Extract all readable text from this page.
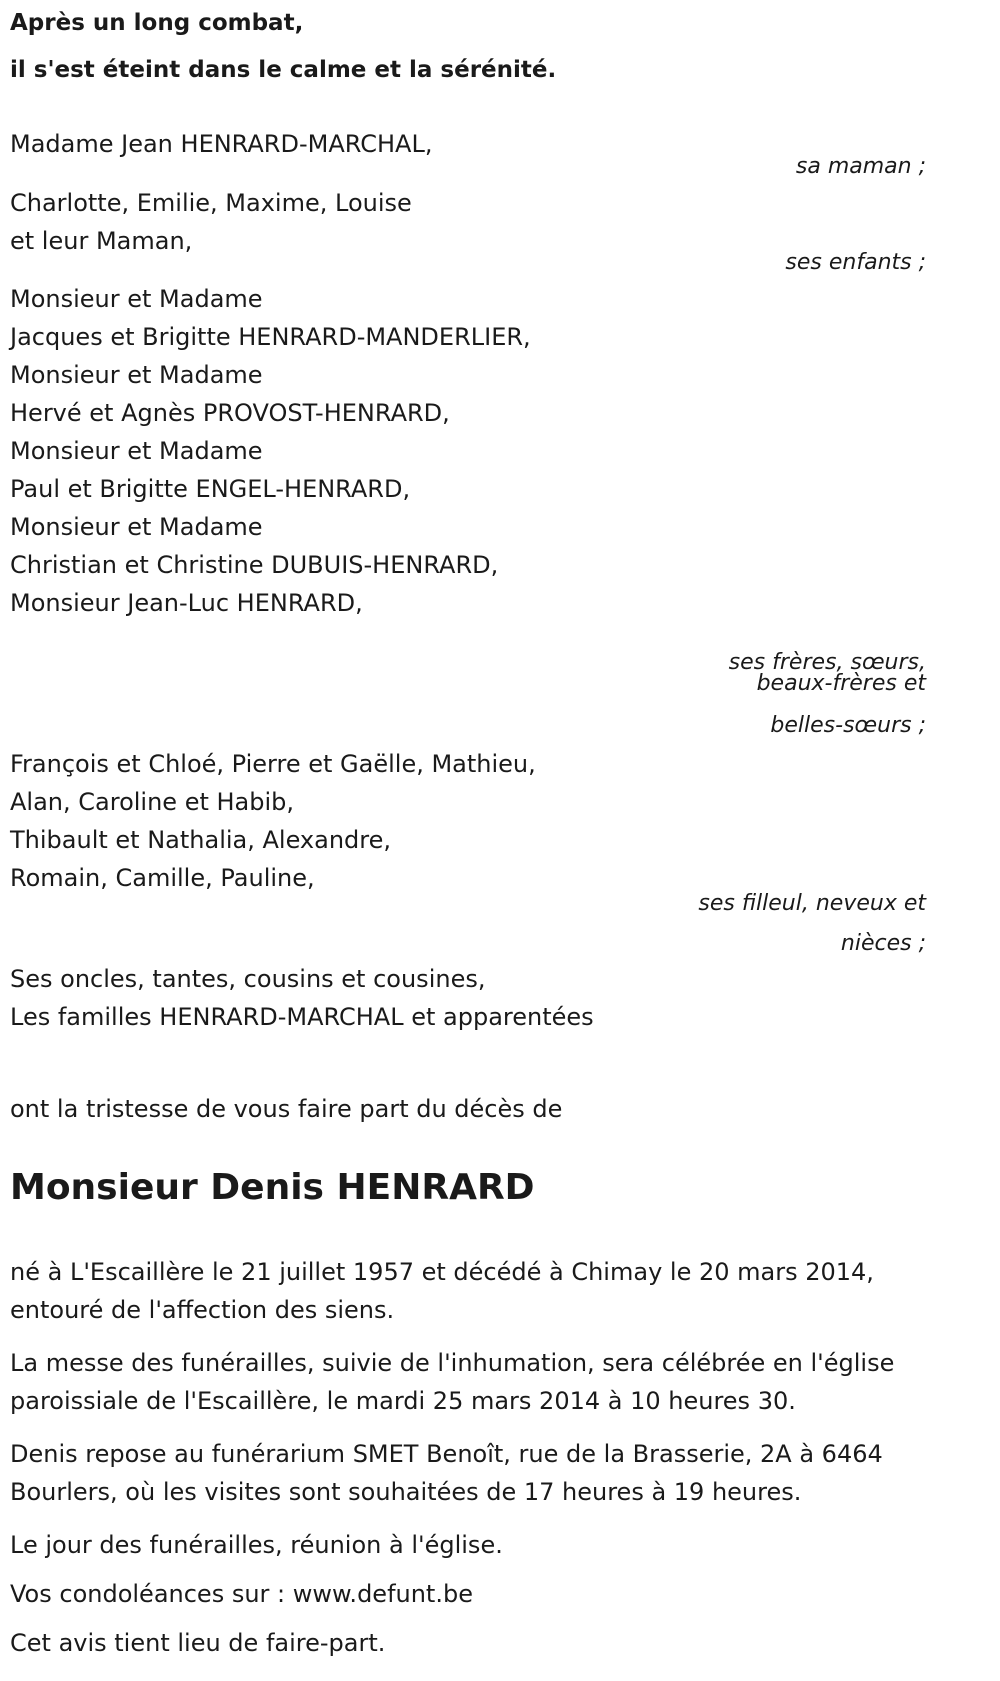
Après un long combat,
il s'est éteint dans le calme et la sérénité.
Madame Jean HENRARD-MARCHAL,
sa maman ;
Charlotte, Emilie, Maxime, Louise
et leur Maman,
ses enfants ;
Monsieur et Madame
Jacques et Brigitte HENRARD-MANDERLIER,
Monsieur et Madame
Hervé et Agnès PROVOST-HENRARD,
Monsieur et Madame
Paul et Brigitte ENGEL-HENRARD,
Monsieur et Madame
Christian et Christine DUBUIS-HENRARD,
Monsieur Jean-Luc HENRARD,
ses frères, sœurs,
beaux-frères et
belles-sœurs ;
François et Chloé, Pierre et Gaëlle, Mathieu,
Alan, Caroline et Habib,
Thibault et Nathalia, Alexandre,
Romain, Camille, Pauline,
ses filleul, neveux et
nièces ;
Ses oncles, tantes, cousins et cousines,
Les familles HENRARD-MARCHAL et apparentées
ont la tristesse de vous faire part du décès de
Monsieur Denis HENRARD
né à L'Escaillère le 21 juillet 1957 et décédé à Chimay le 20 mars 2014, entouré de l'affection des siens.
La messe des funérailles, suivie de l'inhumation, sera célébrée en l'église paroissiale de l'Escaillère, le mardi 25 mars 2014 à 10 heures 30.
Denis repose au funérarium SMET Benoît, rue de la Brasserie, 2A à 6464 Bourlers, où les visites sont souhaitées de 17 heures à 19 heures.
Le jour des funérailles, réunion à l'église.
Vos condoléances sur : www.defunt.be
Cet avis tient lieu de faire-part.
